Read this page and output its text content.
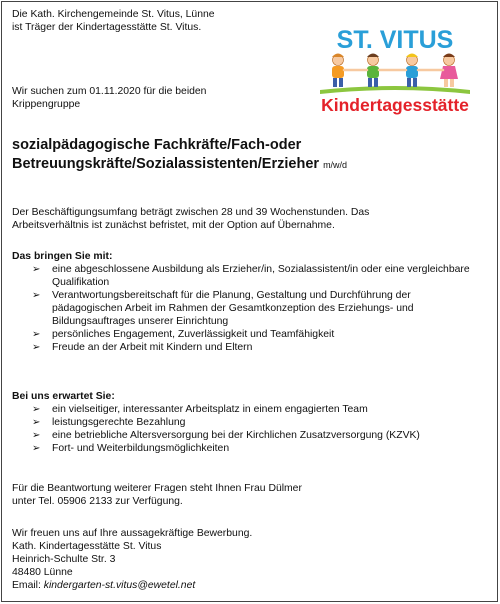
Die Kath. Kirchengemeinde St. Vitus, Lünne
ist Träger der Kindertagesstätte St. Vitus.	ST. VITUS
Kindertagesstätte
Wir suchen zum 01.11.2020 für die beiden
Krippengruppe
sozialpädagogische Fachkräfte/Fach-oder
Betreuungskräfte/Sozialassistenten/Erzieher m/w/d
Der Beschäftigungsumfang beträgt zwischen 28 und 39 Wochenstunden. Das
Arbeitsverhältnis ist zunächst befristet, mit der Option auf Übernahme.
Das bringen Sie mit:
➢ eine abgeschlossene Ausbildung als Erzieher/in, Sozialassistent/in oder eine vergleichbare Qualifikation
➢ Verantwortungsbereitschaft für die Planung, Gestaltung und Durchführung der pädagogischen Arbeit im Rahmen der Gesamtkonzeption des Erziehungs- und Bildungsauftrages unserer Einrichtung
➢ persönliches Engagement, Zuverlässigkeit und Teamfähigkeit
➢ Freude an der Arbeit mit Kindern und Eltern
Bei uns erwartet Sie:
➢ ein vielseitiger, interessanter Arbeitsplatz in einem engagierten Team
➢ leistungsgerechte Bezahlung
➢ eine betriebliche Altersversorgung bei der Kirchlichen Zusatzversorgung (KZVK)
➢ Fort- und Weiterbildungsmöglichkeiten
Für die Beantwortung weiterer Fragen steht Ihnen Frau Dülmer
unter Tel. 05906 2133 zur Verfügung.
Wir freuen uns auf Ihre aussagekräftige Bewerbung.
Kath. Kindertagesstätte St. Vitus
Heinrich-Schulte Str. 3
48480 Lünne
Email: kindergarten-st.vitus@ewetel.net
